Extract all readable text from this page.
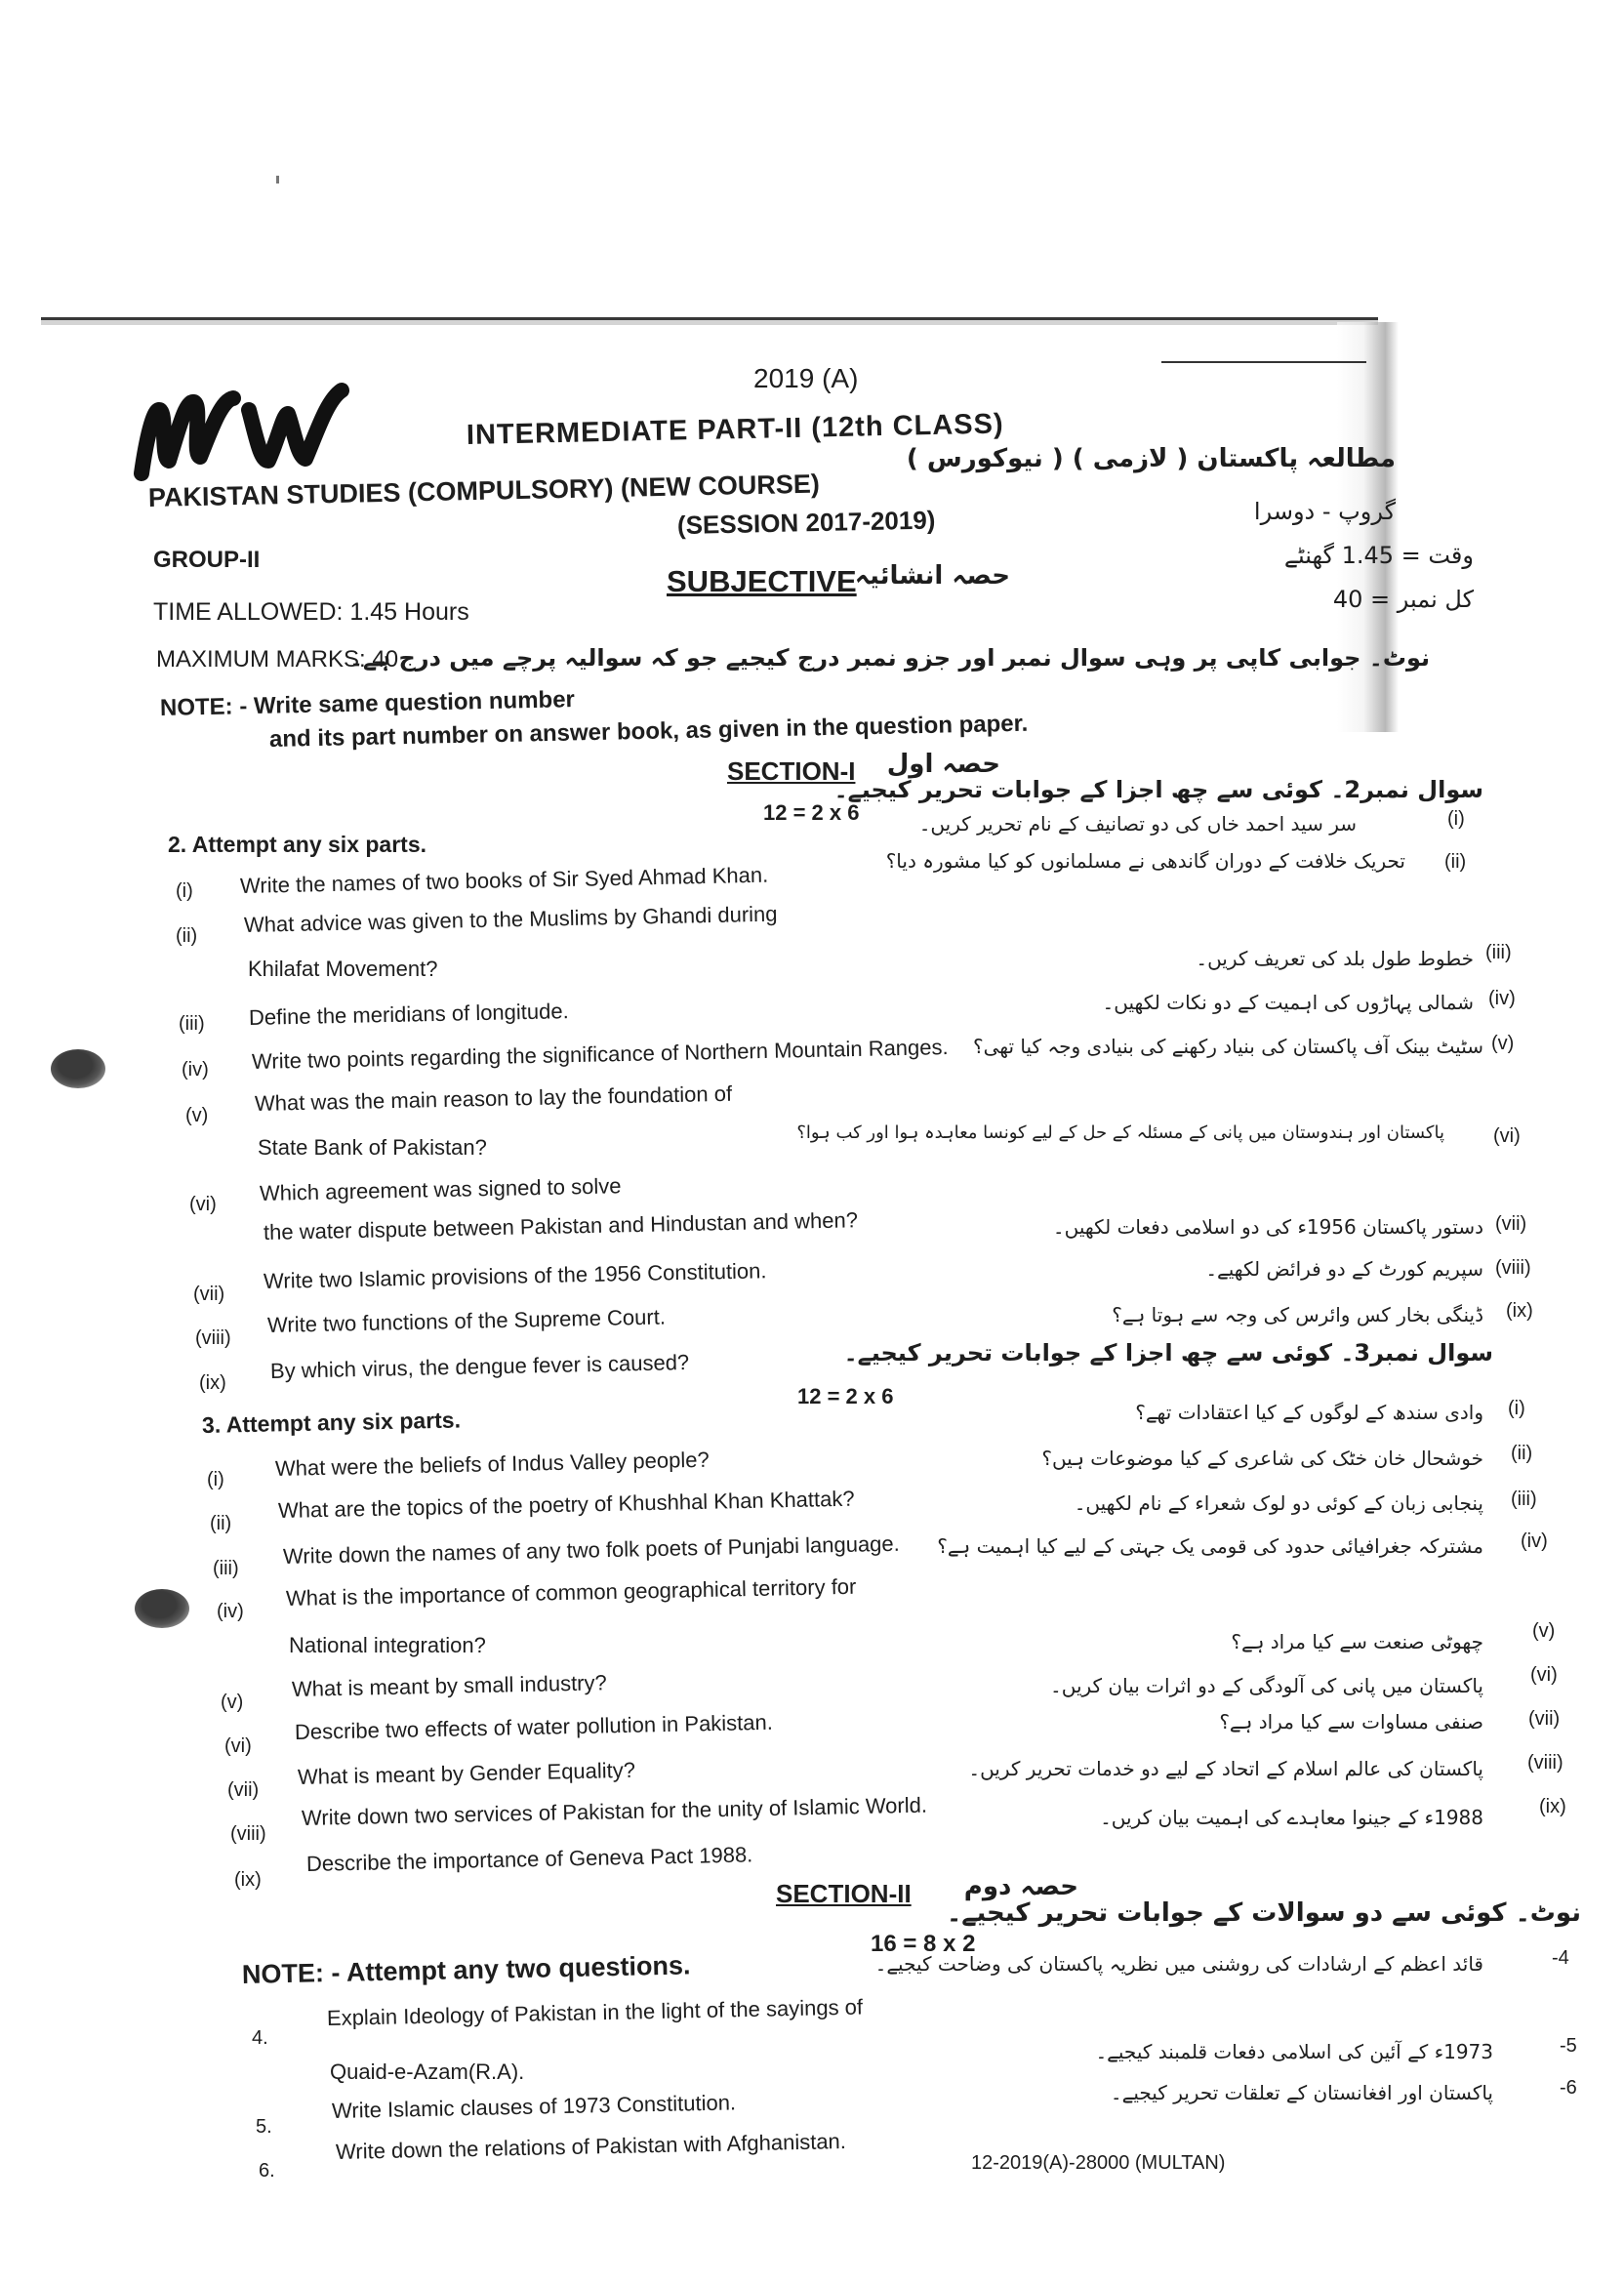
2019 (A)
INTERMEDIATE PART-II (12th CLASS)
PAKISTAN STUDIES (COMPULSORY) (NEW COURSE)
(SESSION 2017-2019)
GROUP-II
TIME ALLOWED: 1.45 Hours
MAXIMUM MARKS: 40
SUBJECTIVE
حصہ انشائیہ
NOTE: - Write same question number
and its part number on answer book, as given in the question paper.
مطالعہ پاکستان ( لازمی ) ( نیوکورس )
گروپ - دوسرا
وقت = 1.45 گھنٹے
کل نمبر = 40
نوٹ۔ جوابی کاپی پر وہی سوال نمبر اور جزو نمبر درج کیجیے جو کہ سوالیہ پرچے میں درج ہے۔
SECTION-I حصہ اول
12 = 2 x 6
2. Attempt any six parts.
سوال نمبر2۔ کوئی سے چھ اجزا کے جوابات تحریر کیجیے۔
(i) Write the names of two books of Sir Syed Ahmad Khan.
(ii) What advice was given to the Muslims by Ghandi during
Khilafat Movement?
(iii) Define the meridians of longitude.
(iv) Write two points regarding the significance of Northern Mountain Ranges.
(v)
What was the main reason to lay the foundation of
State Bank of Pakistan?
(vi) Which agreement was signed to solve
the water dispute between Pakistan and Hindustan and when?
(vii)
Write two Islamic provisions of the 1956 Constitution.
(viii)
Write two functions of the Supreme Court.
(ix)
By which virus, the dengue fever is caused?
سر سید احمد خاں کی دو تصانیف کے نام تحریر کریں۔	(i)
تحریک خلافت کے دوران گاندھی نے مسلمانوں کو کیا مشورہ دیا؟ (ii)
خطوط طول بلد کی تعریف کریں۔ (iii)
شمالی پہاڑوں کی اہمیت کے دو نکات لکھیں۔ (iv)
سٹیٹ بینک آف پاکستان کی بنیاد رکھنے کی بنیادی وجہ کیا تھی؟ (v)
پاکستان اور ہندوستان میں پانی کے مسئلہ کے حل کے لیے کونسا معاہدہ ہوا اور کب ہوا؟	(vi)
دستور پاکستان 1956ء کی دو اسلامی دفعات لکھیں۔ (vii)
سپریم کورٹ کے دو فرائض لکھیے۔ (viii)
ڈینگی بخار کس وائرس کی وجہ سے ہوتا ہے؟ (ix)
سوال نمبر3۔ کوئی سے چھ اجزا کے جوابات تحریر کیجیے۔
12 = 2 x 6
3. Attempt any six parts.
(i) What were the beliefs of Indus Valley people?
(ii)
What are the topics of the poetry of Khushhal Khan Khattak?
(iii)
Write down the names of any two folk poets of Punjabi language.
(iv)
What is the importance of common geographical territory for
National integration?
(v)
What is meant by small industry?
(vi)
Describe two effects of water pollution in Pakistan.
(vii)
What is meant by Gender Equality?
(viii)
Write down two services of Pakistan for the unity of Islamic World.
(ix)
Describe the importance of Geneva Pact 1988.
وادی سندھ کے لوگوں کے کیا اعتقادات تھے؟ (i)
خوشحال خان خٹک کی شاعری کے کیا موضوعات ہیں؟ (ii)
پنجابی زبان کے کوئی دو لوک شعراء کے نام لکھیں۔ (iii)
مشترکہ جغرافیائی حدود کی قومی یک جہتی کے لیے کیا اہمیت ہے؟ (iv)
چھوٹی صنعت سے کیا مراد ہے؟	(v)
پاکستان میں پانی کی آلودگی کے دو اثرات بیان کریں۔ (vi)
صنفی مساوات سے کیا مراد ہے؟ (vii)
پاکستان کی عالم اسلام کے اتحاد کے لیے دو خدمات تحریر کریں۔ (viii)
1988ء کے جینوا معاہدے کی اہمیت بیان کریں۔	(ix)
SECTION-II حصہ دوم
16 = 8 x 2
NOTE: - Attempt any two questions.
نوٹ۔ کوئی سے دو سوالات کے جوابات تحریر کیجیے۔
4.
Explain Ideology of Pakistan in the light of the sayings of
Quaid-e-Azam(R.A).
5.
Write Islamic clauses of 1973 Constitution.
6.
Write down the relations of Pakistan with Afghanistan.
قائد اعظم کے ارشادات کی روشنی میں نظریہ پاکستان کی وضاحت کیجیے۔	-4
1973ء کے آئین کی اسلامی دفعات قلمبند کیجیے۔	-5
پاکستان اور افغانستان کے تعلقات تحریر کیجیے۔	-6
12-2019(A)-28000 (MULTAN)
